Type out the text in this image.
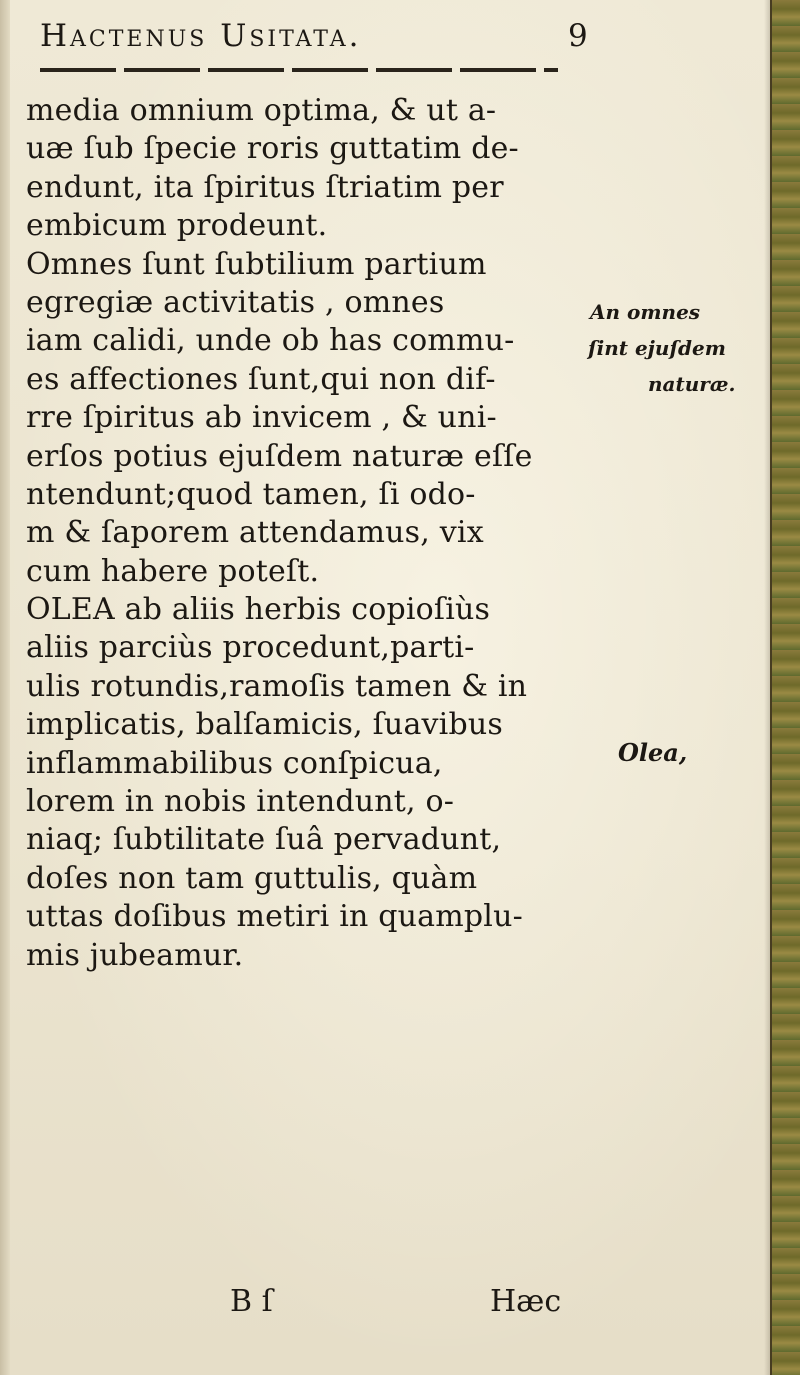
Hactenus Usitata.	9
media omnium optima, & ut a-
uæ ſub ſpecie roris guttatim de-
endunt, ita ſpiritus ſtriatim per
embicum prodeunt.
Omnes ſunt ſubtilium partium
egregiæ activitatis , omnes
iam calidi, unde ob has commu-
es affectiones ſunt,qui non dif-
rre ſpiritus ab invicem , & uni-
erſos potius ejuſdem naturæ eſſe
ntendunt;quod tamen, ſi odo-
m & ſaporem attendamus, vix
cum habere poteſt.
OLEA ab aliis herbis copioſiùs
aliis parciùs procedunt,parti-
ulis rotundis,ramoſis tamen & in
implicatis, balſamicis, ſuavibus
inflammabilibus conſpicua,
lorem in nobis intendunt, o-
niaq; ſubtilitate ſuâ pervadunt,
doſes non tam guttulis, quàm
uttas doſibus metiri in quamplu-
mis jubeamur.
An omnes
ſint ejuſdem
naturæ.
Olea,
B ſ	Hæc
